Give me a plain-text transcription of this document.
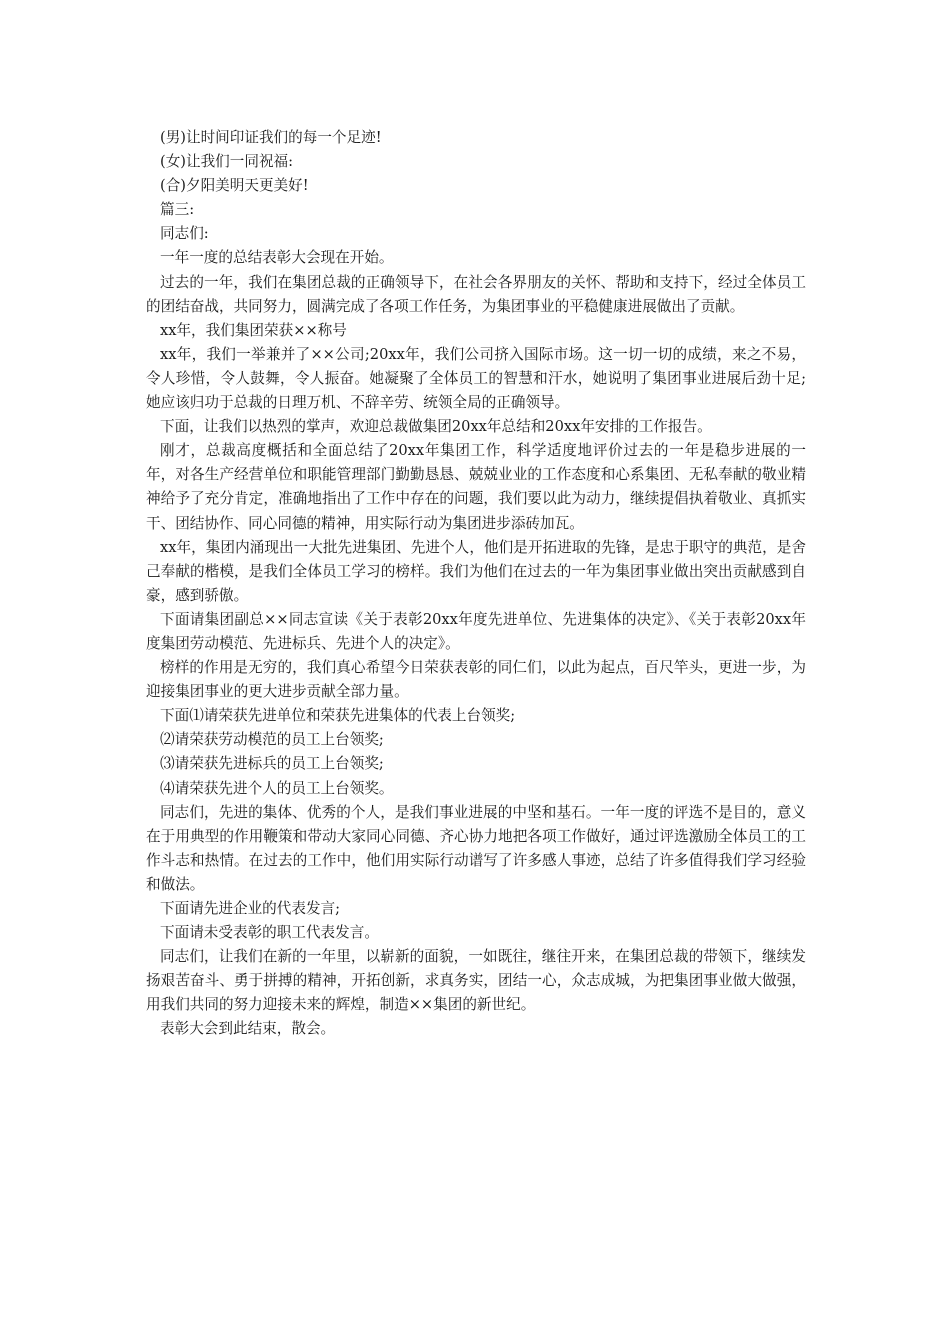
(男)让时间印证我们的每一个足迹!

(女)让我们一同祝福:

(合)夕阳美明天更美好!

篇三:

同志们:

一年一度的总结表彰大会现在开始。

过去的一年，我们在集团总裁的正确领导下，在社会各界朋友的关怀、帮助和支持下，经过全体员工的团结奋战，共同努力，圆满完成了各项工作任务，为集团事业的平稳健康进展做出了贡献。

xx年，我们集团荣获××称号

xx年，我们一举兼并了××公司;20xx年，我们公司挤入国际市场。这一切一切的成绩，来之不易，令人珍惜，令人鼓舞，令人振奋。她凝聚了全体员工的智慧和汗水，她说明了集团事业进展后劲十足;她应该归功于总裁的日理万机、不辞辛劳、统领全局的正确领导。

下面，让我们以热烈的掌声，欢迎总裁做集团20xx年总结和20xx年安排的工作报告。

刚才，总裁高度概括和全面总结了20xx年集团工作，科学适度地评价过去的一年是稳步进展的一年，对各生产经营单位和职能管理部门勤勤恳恳、兢兢业业的工作态度和心系集团、无私奉献的敬业精神给予了充分肯定，准确地指出了工作中存在的问题，我们要以此为动力，继续提倡执着敬业、真抓实干、团结协作、同心同德的精神，用实际行动为集团进步添砖加瓦。

xx年，集团内涌现出一大批先进集团、先进个人，他们是开拓进取的先锋，是忠于职守的典范，是舍己奉献的楷模，是我们全体员工学习的榜样。我们为他们在过去的一年为集团事业做出突出贡献感到自豪，感到骄傲。

下面请集团副总××同志宣读《关于表彰20xx年度先进单位、先进集体的决定》、《关于表彰20xx年度集团劳动模范、先进标兵、先进个人的决定》。

榜样的作用是无穷的，我们真心希望今日荣获表彰的同仁们，以此为起点，百尺竿头，更进一步，为迎接集团事业的更大进步贡献全部力量。

下面⑴请荣获先进单位和荣获先进集体的代表上台领奖;

⑵请荣获劳动模范的员工上台领奖;

⑶请荣获先进标兵的员工上台领奖;

⑷请荣获先进个人的员工上台领奖。

同志们，先进的集体、优秀的个人，是我们事业进展的中坚和基石。一年一度的评选不是目的，意义在于用典型的作用鞭策和带动大家同心同德、齐心协力地把各项工作做好，通过评选激励全体员工的工作斗志和热情。在过去的工作中，他们用实际行动谱写了许多感人事迹，总结了许多值得我们学习经验和做法。

下面请先进企业的代表发言;

下面请未受表彰的职工代表发言。

同志们，让我们在新的一年里，以崭新的面貌，一如既往，继往开来，在集团总裁的带领下，继续发扬艰苦奋斗、勇于拼搏的精神，开拓创新，求真务实，团结一心，众志成城，为把集团事业做大做强，用我们共同的努力迎接未来的辉煌，制造××集团的新世纪。

表彰大会到此结束，散会。
